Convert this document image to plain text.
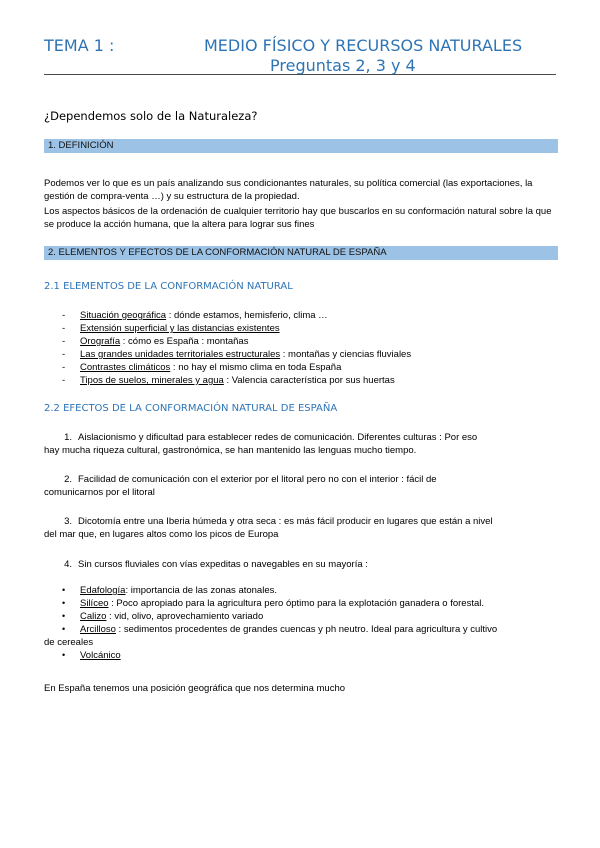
TEMA 1 :	MEDIO FÍSICO Y RECURSOS NATURALES
Preguntas 2, 3 y 4
¿Dependemos solo de la Naturaleza?
1. DEFINICIÓN

Podemos ver lo que es un país analizando sus condicionantes naturales, su política comercial (las exportaciones, la gestión de compra-venta …) y su estructura de la propiedad.

Los aspectos básicos de la ordenación de cualquier territorio hay que buscarlos en su conformación natural sobre la que se produce la acción humana, que la altera para lograr sus fines

2. ELEMENTOS Y EFECTOS DE LA CONFORMACIÓN NATURAL DE ESPAÑA
2.1 ELEMENTOS DE LA CONFORMACIÓN NATURAL
- Situación geográfica : dónde estamos, hemisferio, clima …
- Extensión superficial y las distancias existentes
- Orografía : cómo es España : montañas
- Las grandes unidades territoriales estructurales : montañas y ciencias fluviales
- Contrastes climáticos : no hay el mismo clima en toda España
- Tipos de suelos, minerales y agua : Valencia característica por sus huertas
2.2 EFECTOS DE LA CONFORMACIÓN NATURAL DE ESPAÑA
1. Aislacionismo y dificultad para establecer redes de comunicación. Diferentes culturas : Por eso
hay mucha riqueza cultural, gastronómica, se han mantenido las lenguas mucho tiempo.
2. Facilidad de comunicación con el exterior por el litoral pero no con el interior : fácil de
comunicarnos por el litoral
3. Dicotomía entre una Iberia húmeda y otra seca : es más fácil producir en lugares que están a nivel
del mar que, en lugares altos como los picos de Europa
4. Sin cursos fluviales con vías expeditas o navegables en su mayoría :
• Edafología: importancia de las zonas atonales.
• Silíceo : Poco apropiado para la agricultura pero óptimo para la explotación ganadera o forestal.
• Calizo : vid, olivo, aprovechamiento variado
• Arcilloso : sedimentos procedentes de grandes cuencas y ph neutro. Ideal para agricultura y cultivo
de cereales
• Volcánico

En España tenemos una posición geográfica que nos determina mucho
